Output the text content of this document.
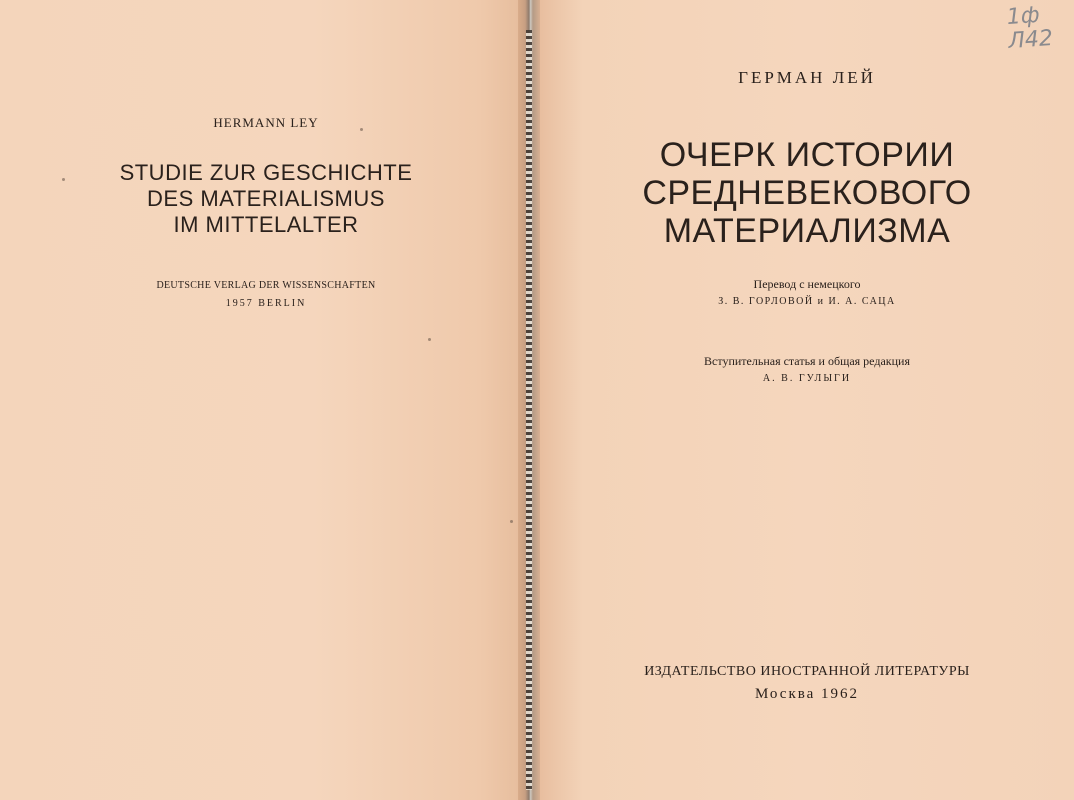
HERMANN LEY
STUDIE ZUR GESCHICHTE
DES MATERIALISMUS
IM MITTELALTER
DEUTSCHE VERLAG DER WISSENSCHAFTEN
1957 BERLIN
ГЕРМАН ЛЕЙ
ОЧЕРК ИСТОРИИ
СРЕДНЕВЕКОВОГО
МАТЕРИАЛИЗМА
Перевод с немецкого
З. В. ГОРЛОВОЙ и И. А. САЦА
Вступительная статья и общая редакция
А. В. ГУЛЫГИ
ИЗДАТЕЛЬСТВО ИНОСТРАННОЙ ЛИТЕРАТУРЫ
Москва 1962
1ф
Л42
